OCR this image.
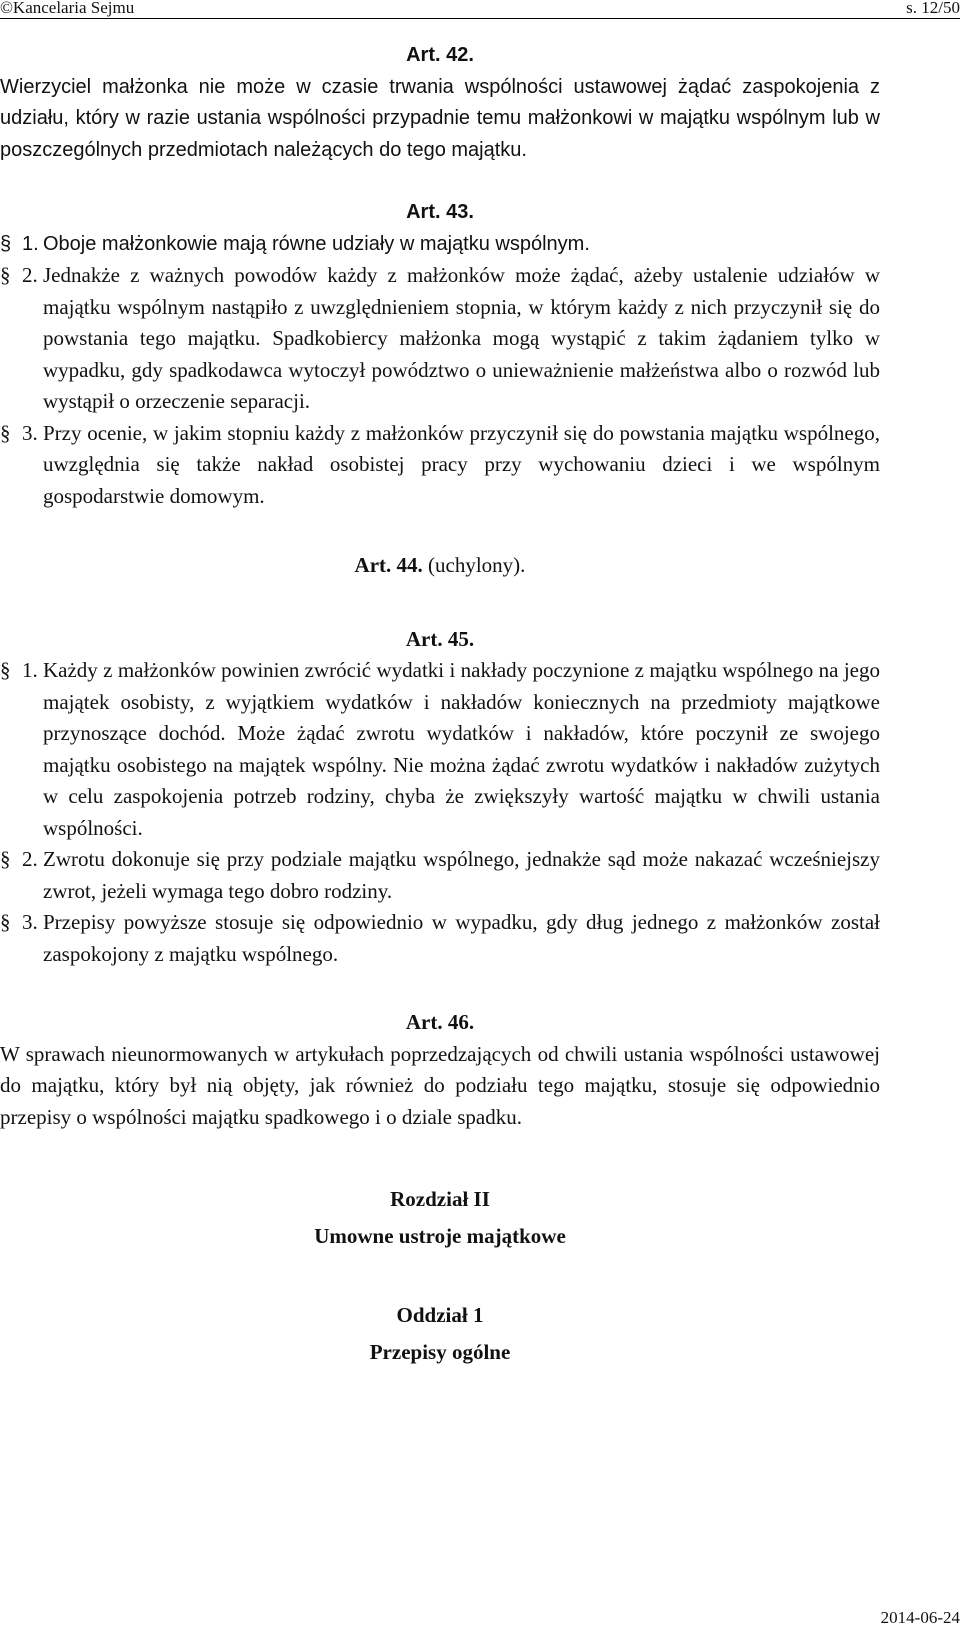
©Kancelaria Sejmu	s. 12/50

Art. 42.

Wierzyciel małżonka nie może w czasie trwania wspólności ustawowej żądać zaspokojenia z udziału, który w razie ustania wspólności przypadnie temu małżonkowi w majątku wspólnym lub w poszczególnych przedmiotach należących do tego majątku.

Art. 43.

§ 1. Oboje małżonkowie mają równe udziały w majątku wspólnym.

§ 2. Jednakże z ważnych powodów każdy z małżonków może żądać, ażeby ustalenie udziałów w majątku wspólnym nastąpiło z uwzględnieniem stopnia, w którym każdy z nich przyczynił się do powstania tego majątku. Spadkobiercy małżonka mogą wystąpić z takim żądaniem tylko w wypadku, gdy spadkodawca wytoczył powództwo o unieważnienie małżeństwa albo o rozwód lub wystąpił o orzeczenie separacji.

§ 3. Przy ocenie, w jakim stopniu każdy z małżonków przyczynił się do powstania majątku wspólnego, uwzględnia się także nakład osobistej pracy przy wychowaniu dzieci i we wspólnym gospodarstwie domowym.

Art. 44. (uchylony).

Art. 45.

§ 1. Każdy z małżonków powinien zwrócić wydatki i nakłady poczynione z majątku wspólnego na jego majątek osobisty, z wyjątkiem wydatków i nakładów koniecznych na przedmioty majątkowe przynoszące dochód. Może żądać zwrotu wydatków i nakładów, które poczynił ze swojego majątku osobistego na majątek wspólny. Nie można żądać zwrotu wydatków i nakładów zużytych w celu zaspokojenia potrzeb rodziny, chyba że zwiększyły wartość majątku w chwili ustania wspólności.

§ 2. Zwrotu dokonuje się przy podziale majątku wspólnego, jednakże sąd może nakazać wcześniejszy zwrot, jeżeli wymaga tego dobro rodziny.

§ 3. Przepisy powyższe stosuje się odpowiednio w wypadku, gdy dług jednego z małżonków został zaspokojony z majątku wspólnego.

Art. 46.

W sprawach nieunormowanych w artykułach poprzedzających od chwili ustania wspólności ustawowej do majątku, który był nią objęty, jak również do podziału tego majątku, stosuje się odpowiednio przepisy o wspólności majątku spadkowego i o dziale spadku.

Rozdział II

Umowne ustroje majątkowe

Oddział 1

Przepisy ogólne

2014-06-24
